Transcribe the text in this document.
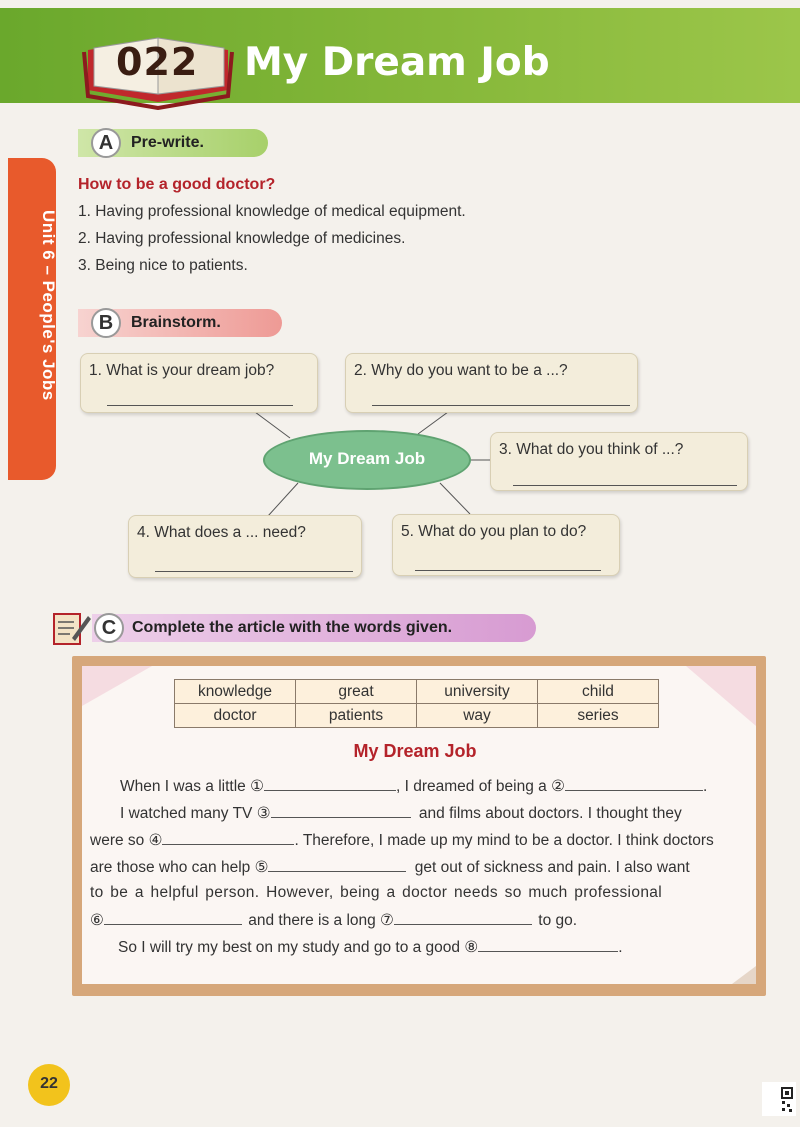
022 My Dream Job
Unit 6 – People's Jobs
A	Pre-write.
How to be a good doctor?
1. Having professional knowledge of medical equipment.
2. Having professional knowledge of medicines.
3. Being nice to patients.
B	Brainstorm.
1. What is your dream job?	2. Why do you want to be a ...?
3. What do you think of ...?
4. What does a ... need?	5. What do you plan to do?
My Dream Job
C Complete the article with the words given.
knowledge	great	university	child
doctor	patients	way	series
My Dream Job
When I was a little ①	, I dreamed of being a ②	.
I watched many TV ③	and films about doctors. I thought they
were so ④	. Therefore, I made up my mind to be a doctor. I think doctors
are those who can help ⑤	get out of sickness and pain. I also want
to be a helpful person. However, being a doctor needs so much professional
⑥	and there is a long ⑦	to go.
So I will try my best on my study and go to a good ⑧	.
22
